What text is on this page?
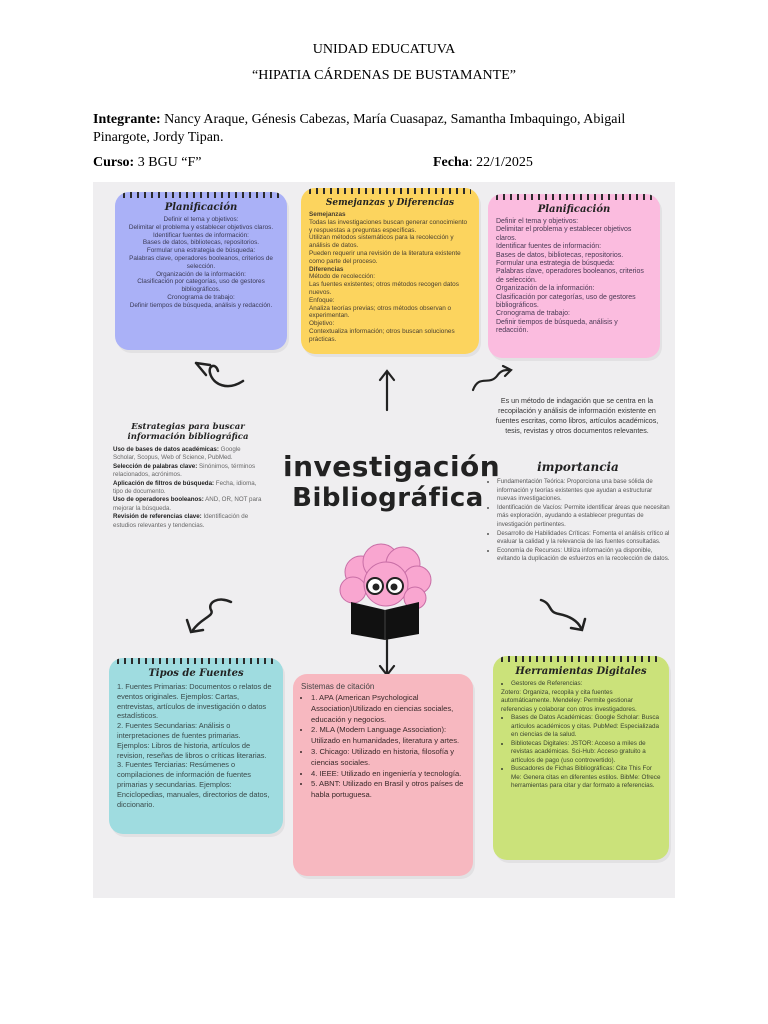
UNIDAD EDUCATUVA
“HIPATIA CÁRDENAS DE BUSTAMANTE”
Integrante: Nancy Araque, Génesis Cabezas, María Cuasapaz, Samantha Imbaquingo, Abigail Pinargote, Jordy Tipan.
Curso: 3 BGU “F”	Fecha: 22/1/2025
Planificación

Definir el tema y objetivos:

Delimitar el problema y establecer objetivos claros.

Identificar fuentes de información:

Bases de datos, bibliotecas, repositorios.

Formular una estrategia de búsqueda:

Palabras clave, operadores booleanos, criterios de selección.

Organización de la información:

Clasificación por categorías, uso de gestores bibliográficos.

Cronograma de trabajo:

Definir tiempos de búsqueda, análisis y redacción.

Semejanzas y Diferencias

Semejanzas

Todas las investigaciones buscan generar conocimiento y respuestas a preguntas específicas.

Utilizan métodos sistemáticos para la recolección y análisis de datos.

Pueden requerir una revisión de la literatura existente como parte del proceso.

Diferencias

Método de recolección:

Las fuentes existentes; otros métodos recogen datos nuevos.

Enfoque:

Analiza teorías previas; otros métodos observan o experimentan.

Objetivo:

Contextualiza información; otros buscan soluciones prácticas.

Planificación

Definir el tema y objetivos:

Delimitar el problema y establecer objetivos claros.

Identificar fuentes de información:

Bases de datos, bibliotecas, repositorios.

Formular una estrategia de búsqueda:

Palabras clave, operadores booleanos, criterios de selección.

Organización de la información:

Clasificación por categorías, uso de gestores bibliográficos.

Cronograma de trabajo:

Definir tiempos de búsqueda, análisis y redacción.

Estrategias para buscar información bibliográfica
Uso de bases de datos académicas: Google Scholar, Scopus, Web of Science, PubMed.
Selección de palabras clave: Sinónimos, términos relacionados, acrónimos.
Aplicación de filtros de búsqueda: Fecha, idioma, tipo de documento.
Uso de operadores booleanos: AND, OR, NOT para mejorar la búsqueda.
Revisión de referencias clave: Identificación de estudios relevantes y tendencias.
investigación
Bibliográfica
Es un método de indagación que se centra en la recopilación y análisis de información existente en fuentes escritas, como libros, artículos académicos, tesis, revistas y otros documentos relevantes.
importancia
• Fundamentación Teórica: Proporciona una base sólida de información y teorías existentes que ayudan a estructurar nuevas investigaciones.
• Identificación de Vacíos: Permite identificar áreas que necesitan más exploración, ayudando a establecer preguntas de investigación pertinentes.
• Desarrollo de Habilidades Críticas: Fomenta el análisis crítico al evaluar la calidad y la relevancia de las fuentes consultadas.
• Economía de Recursos: Utiliza información ya disponible, evitando la duplicación de esfuerzos en la recolección de datos.
Tipos de Fuentes

1. Fuentes Primarias: Documentos o relatos de eventos originales. Ejemplos: Cartas, entrevistas, artículos de investigación o datos estadísticos.

2. Fuentes Secundarias: Análisis o interpretaciones de fuentes primarias. Ejemplos: Libros de historia, artículos de revision, reseñas de libros o críticas literarias.

3. Fuentes Terciarias: Resúmenes o compilaciones de información de fuentes primarias y secundarias. Ejemplos: Enciclopedias, manuales, directorios de datos, diccionario.

Sistemas de citación
• 1. APA (American Psychological Association)Utilizado en ciencias sociales, educación y negocios.
• 2. MLA (Modern Language Association): Utilizado en humanidades, literatura y artes.
• 3. Chicago: Utilizado en historia, filosofía y ciencias sociales.
• 4. IEEE: Utilizado en ingeniería y tecnología.
• 5. ABNT: Utilizado en Brasil y otros países de habla portuguesa.
Herramientas Digitales
• Gestores de Referencias:

Zotero: Organiza, recopila y cita fuentes automáticamente. Mendeley: Permite gestionar referencias y colaborar con otros investigadores.

• Bases de Datos Académicas: Google Scholar: Busca artículos académicos y citas. PubMed: Especializada en ciencias de la salud.
• Bibliotecas Digitales: JSTOR: Acceso a miles de revistas académicas. Sci-Hub: Acceso gratuito a artículos de pago (uso controvertido).
• Buscadores de Fichas Bibliográficas: Cite This For Me: Genera citas en diferentes estilos. BibMe: Ofrece herramientas para citar y dar formato a referencias.
